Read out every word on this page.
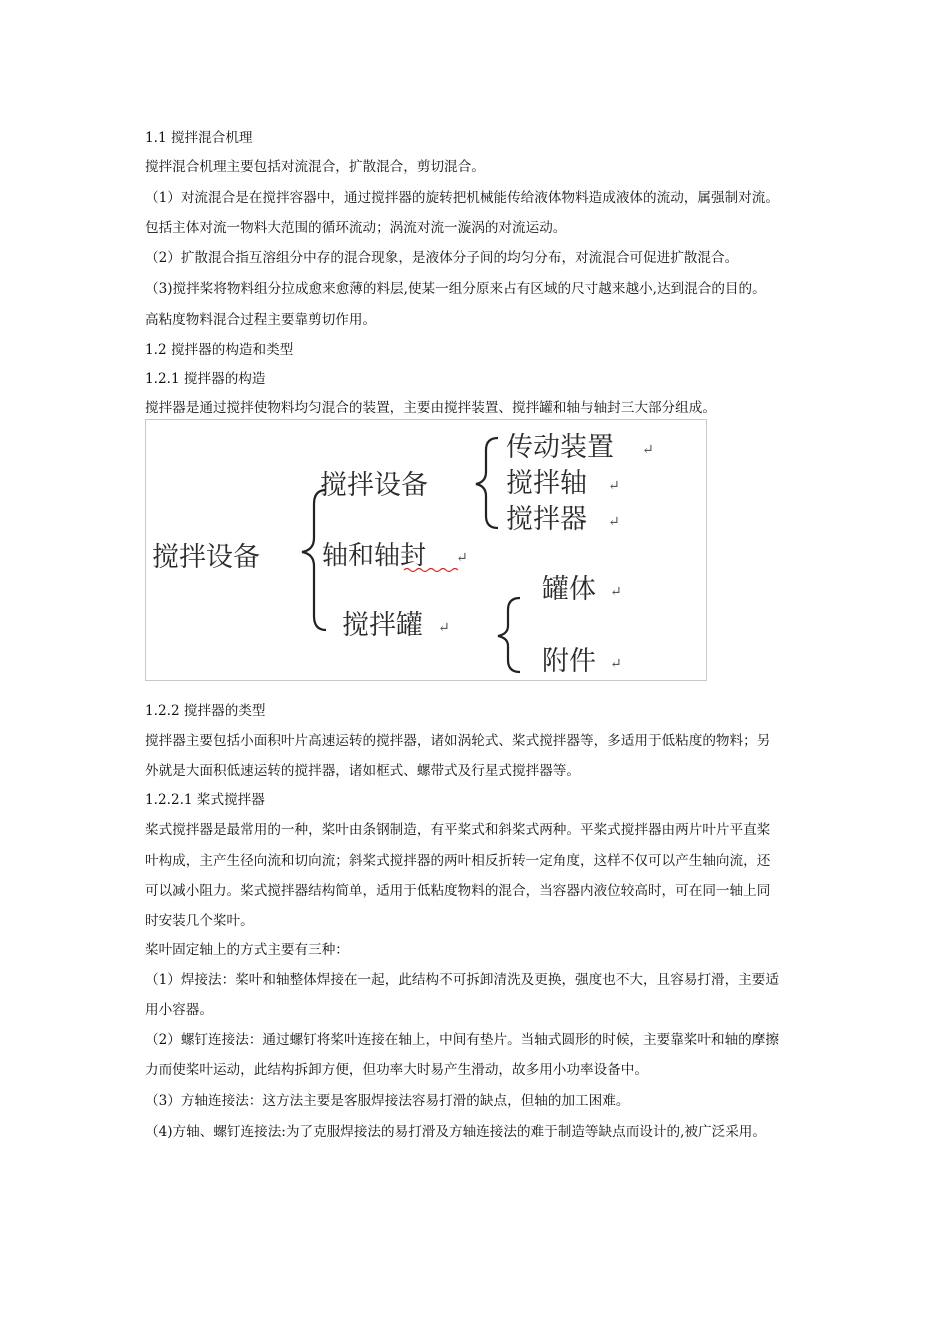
1.1 搅拌混合机理
搅拌混合机理主要包括对流混合，扩散混合，剪切混合。
（1）对流混合是在搅拌容器中，通过搅拌器的旋转把机械能传给液体物料造成液体的流动，属强制对流。
包括主体对流一物料大范围的循环流动；涡流对流一漩涡的对流运动。
（2）扩散混合指互溶组分中存的混合现象，是液体分子间的均匀分布，对流混合可促进扩散混合。
（3)搅拌桨将物料组分拉成愈来愈薄的料层,使某一组分原来占有区域的尺寸越来越小,达到混合的目的。
高粘度物料混合过程主要靠剪切作用。
1.2 搅拌器的构造和类型
1.2.1 搅拌器的构造
搅拌器是通过搅拌使物料均匀混合的装置，主要由搅拌装置、搅拌罐和轴与轴封三大部分组成。
搅拌设备
搅拌设备
轴和轴封 ↵
搅拌罐 ↵
传动装置 ↵
搅拌轴 ↵
搅拌器 ↵
罐体 ↵
附件 ↵
1.2.2 搅拌器的类型
搅拌器主要包括小面积叶片高速运转的搅拌器，诸如涡轮式、桨式搅拌器等，多适用于低粘度的物料；另
外就是大面积低速运转的搅拌器，诸如框式、螺带式及行星式搅拌器等。
1.2.2.1 桨式搅拌器
桨式搅拌器是最常用的一种，桨叶由条钢制造，有平桨式和斜桨式两种。平桨式搅拌器由两片叶片平直桨
叶构成，主产生径向流和切向流；斜桨式搅拌器的两叶相反折转一定角度，这样不仅可以产生轴向流，还
可以减小阻力。桨式搅拌器结构简单，适用于低粘度物料的混合，当容器内液位较高时，可在同一轴上同
时安装几个桨叶。
桨叶固定轴上的方式主要有三种：
（1）焊接法：桨叶和轴整体焊接在一起，此结构不可拆卸清洗及更换，强度也不大，且容易打滑，主要适
用小容器。
（2）螺钉连接法：通过螺钉将桨叶连接在轴上，中间有垫片。当轴式圆形的时候，主要靠桨叶和轴的摩擦
力而使桨叶运动，此结构拆卸方便，但功率大时易产生滑动，故多用小功率设备中。
（3）方轴连接法：这方法主要是客服焊接法容易打滑的缺点，但轴的加工困难。
（4)方轴、螺钉连接法:为了克服焊接法的易打滑及方轴连接法的难于制造等缺点而设计的,被广泛采用。
